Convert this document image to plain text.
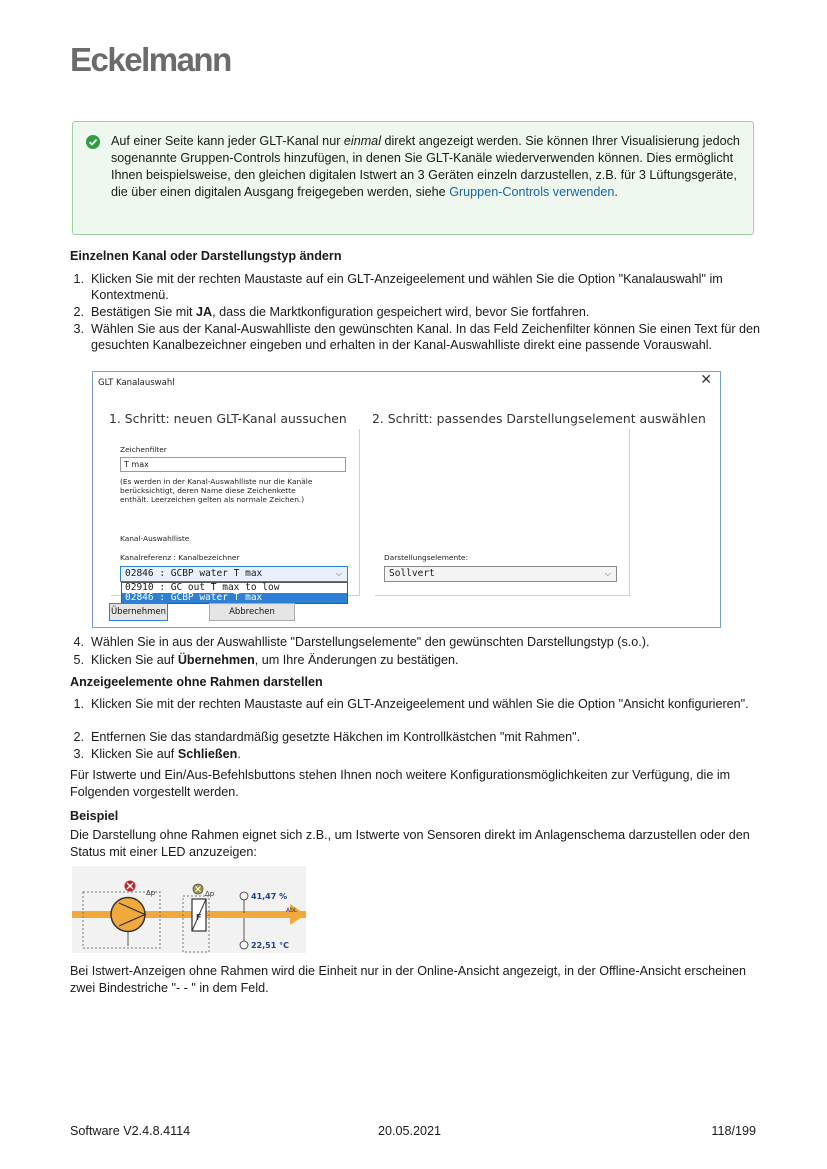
Eckelmann
Auf einer Seite kann jeder GLT-Kanal nur einmal direkt angezeigt werden. Sie können Ihrer Visualisierung jedoch sogenannte Gruppen-Controls hinzufügen, in denen Sie GLT-Kanäle wiederverwenden können. Dies ermöglicht Ihnen beispielsweise, den gleichen digitalen Istwert an 3 Geräten einzeln darzustellen, z.B. für 3 Lüftungsgeräte, die über einen digitalen Ausgang freigegeben werden, siehe Gruppen-Controls verwenden.
Einzelnen Kanal oder Darstellungstyp ändern
1. Klicken Sie mit der rechten Maustaste auf ein GLT-Anzeigeelement und wählen Sie die Option "Kanalauswahl" im Kontextmenü.
2. Bestätigen Sie mit JA, dass die Marktkonfiguration gespeichert wird, bevor Sie fortfahren.
3. Wählen Sie aus der Kanal-Auswahlliste den gewünschten Kanal. In das Feld Zeichenfilter können Sie einen Text für den gesuchten Kanalbezeichner eingeben und erhalten in der Kanal-Auswahlliste direkt eine passende Vorauswahl.
GLT Kanalauswahl	✕
1. Schritt: neuen GLT-Kanal aussuchen 2. Schritt: passendes Darstellungselement auswählen
Zeichenfilter
T max
(Es werden in der Kanal-Auswahlliste nur die Kanäle
berücksichtigt, deren Name diese Zeichenkette
enthält. Leerzeichen gelten als normale Zeichen.)
Kanal-Auswahlliste
Kanalreferenz : Kanalbezeichner
02846 : GCBP water T max	⌵
02910 : GC out T max to low
02846 : GCBP water T max
Darstellungselemente:
Sollvert	⌵
Übernehmen	Abbrechen
4. Wählen Sie in aus der Auswahlliste "Darstellungselemente" den gewünschten Darstellungstyp (s.o.).
5. Klicken Sie auf Übernehmen, um Ihre Änderungen zu bestätigen.
Anzeigeelemente ohne Rahmen darstellen
1. Klicken Sie mit der rechten Maustaste auf ein GLT-Anzeigeelement und wählen Sie die Option "Ansicht konfigurieren".
2. Entfernen Sie das standardmäßig gesetzte Häkchen im Kontrollkästchen "mit Rahmen".
3. Klicken Sie auf Schließen.
Für Istwerte und Ein/Aus-Befehlsbuttons stehen Ihnen noch weitere Konfigurationsmöglichkeiten zur Verfügung, die im Folgenden vorgestellt werden.
Beispiel
Die Darstellung ohne Rahmen eignet sich z.B., um Istwerte von Sensoren direkt im Anlagenschema darzustellen oder den Status mit einer LED anzuzeigen:
Δp	Δp
F
41,47 %
AbL
22,51 °C
Bei Istwert-Anzeigen ohne Rahmen wird die Einheit nur in der Online-Ansicht angezeigt, in der Offline-Ansicht erscheinen zwei Bindestriche "- - " in dem Feld.
Software V2.4.8.4114	20.05.2021	118/199
